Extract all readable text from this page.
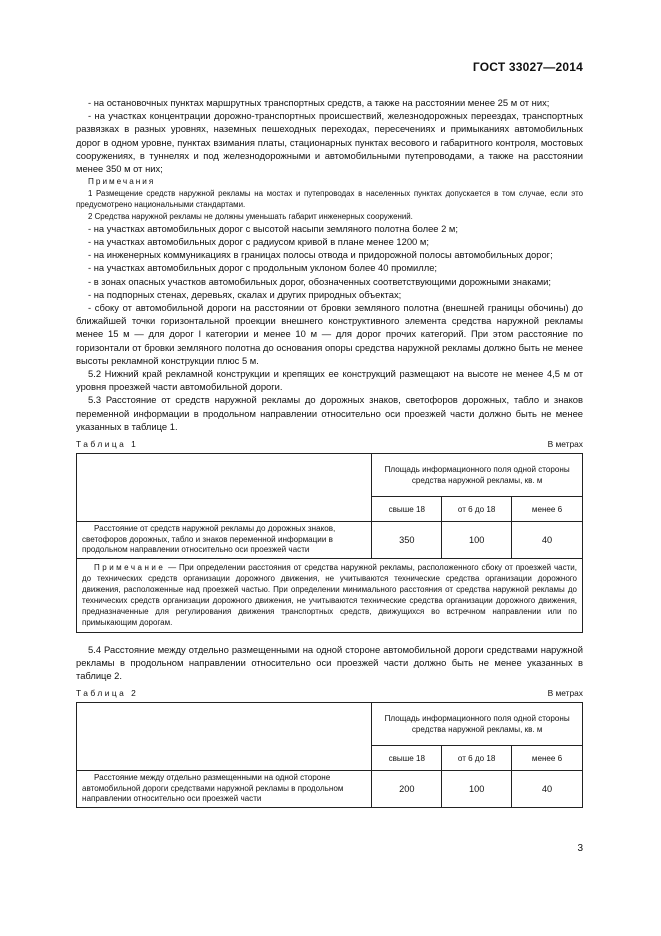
ГОСТ 33027—2014

- на остановочных пунктах маршрутных транспортных средств, а также на расстоянии менее 25 м от них;

- на участках концентрации дорожно-транспортных происшествий, железнодорожных переездах, транспортных развязках в разных уровнях, наземных пешеходных переходах, пересечениях и примыканиях автомобильных дорог в одном уровне, пунктах взимания платы, стационарных пунктах весового и габаритного контроля, мостовых сооружениях, в туннелях и под железнодорожными и автомобильными путепроводами, а также на расстоянии менее 350 м от них;

Примечания

1 Размещение средств наружной рекламы на мостах и путепроводах в населенных пунктах допускается в том случае, если это предусмотрено национальными стандартами.

2 Средства наружной рекламы не должны уменьшать габарит инженерных сооружений.

- на участках автомобильных дорог с высотой насыпи земляного полотна более 2 м;

- на участках автомобильных дорог с радиусом кривой в плане менее 1200 м;

- на инженерных коммуникациях в границах полосы отвода и придорожной полосы автомобильных дорог;

- на участках автомобильных дорог с продольным уклоном более 40 промилле;

- в зонах опасных участков автомобильных дорог, обозначенных соответствующими дорожными знаками;

- на подпорных стенах, деревьях, скалах и других природных объектах;

- сбоку от автомобильной дороги на расстоянии от бровки земляного полотна (внешней границы обочины) до ближайшей точки горизонтальной проекции внешнего конструктивного элемента средства наружной рекламы менее 15 м — для дорог I категории и менее 10 м — для дорог прочих категорий. При этом расстояние по горизонтали от бровки земляного полотна до основания опоры средства наружной рекламы должно быть не менее высоты рекламной конструкции плюс 5 м.

5.2 Нижний край рекламной конструкции и крепящих ее конструкций размещают на высоте не менее 4,5 м от уровня проезжей части автомобильной дороги.

5.3 Расстояние от средств наружной рекламы до дорожных знаков, светофоров дорожных, табло и знаков переменной информации в продольном направлении относительно оси проезжей части должно быть не менее указанных в таблице 1.

Таблица 1	В метрах
	Площадь информационного поля одной стороны средства наружной рекламы, кв. м		
	свыше 18	от 6 до 18	менее 6
Расстояние от средств наружной рекламы до дорожных знаков, светофоров дорожных, табло и знаков переменной информации в продольном направлении относительно оси проезжей части	350	100	40
Примечание — При определении расстояния от средства наружной рекламы, расположенного сбоку от проезжей части, до технических средств организации дорожного движения, не учитываются технические средства организации дорожного движения, расположенные над проезжей частью. При определении минимального расстояния от средства наружной рекламы до технических средств организации дорожного движения, не учитываются технические средства организации дорожного движения, предназначенные для регулирования движения транспортных средств, движущихся во встречном направлении или по примыкающим дорогам.			

5.4 Расстояние между отдельно размещенными на одной стороне автомобильной дороги средствами наружной рекламы в продольном направлении относительно оси проезжей части должно быть не менее указанных в таблице 2.

Таблица 2	В метрах
	Площадь информационного поля одной стороны средства наружной рекламы, кв. м		
	свыше 18	от 6 до 18	менее 6
Расстояние между отдельно размещенными на одной стороне автомобильной дороги средствами наружной рекламы в продольном направлении относительно оси проезжей части	200	100	40
3
